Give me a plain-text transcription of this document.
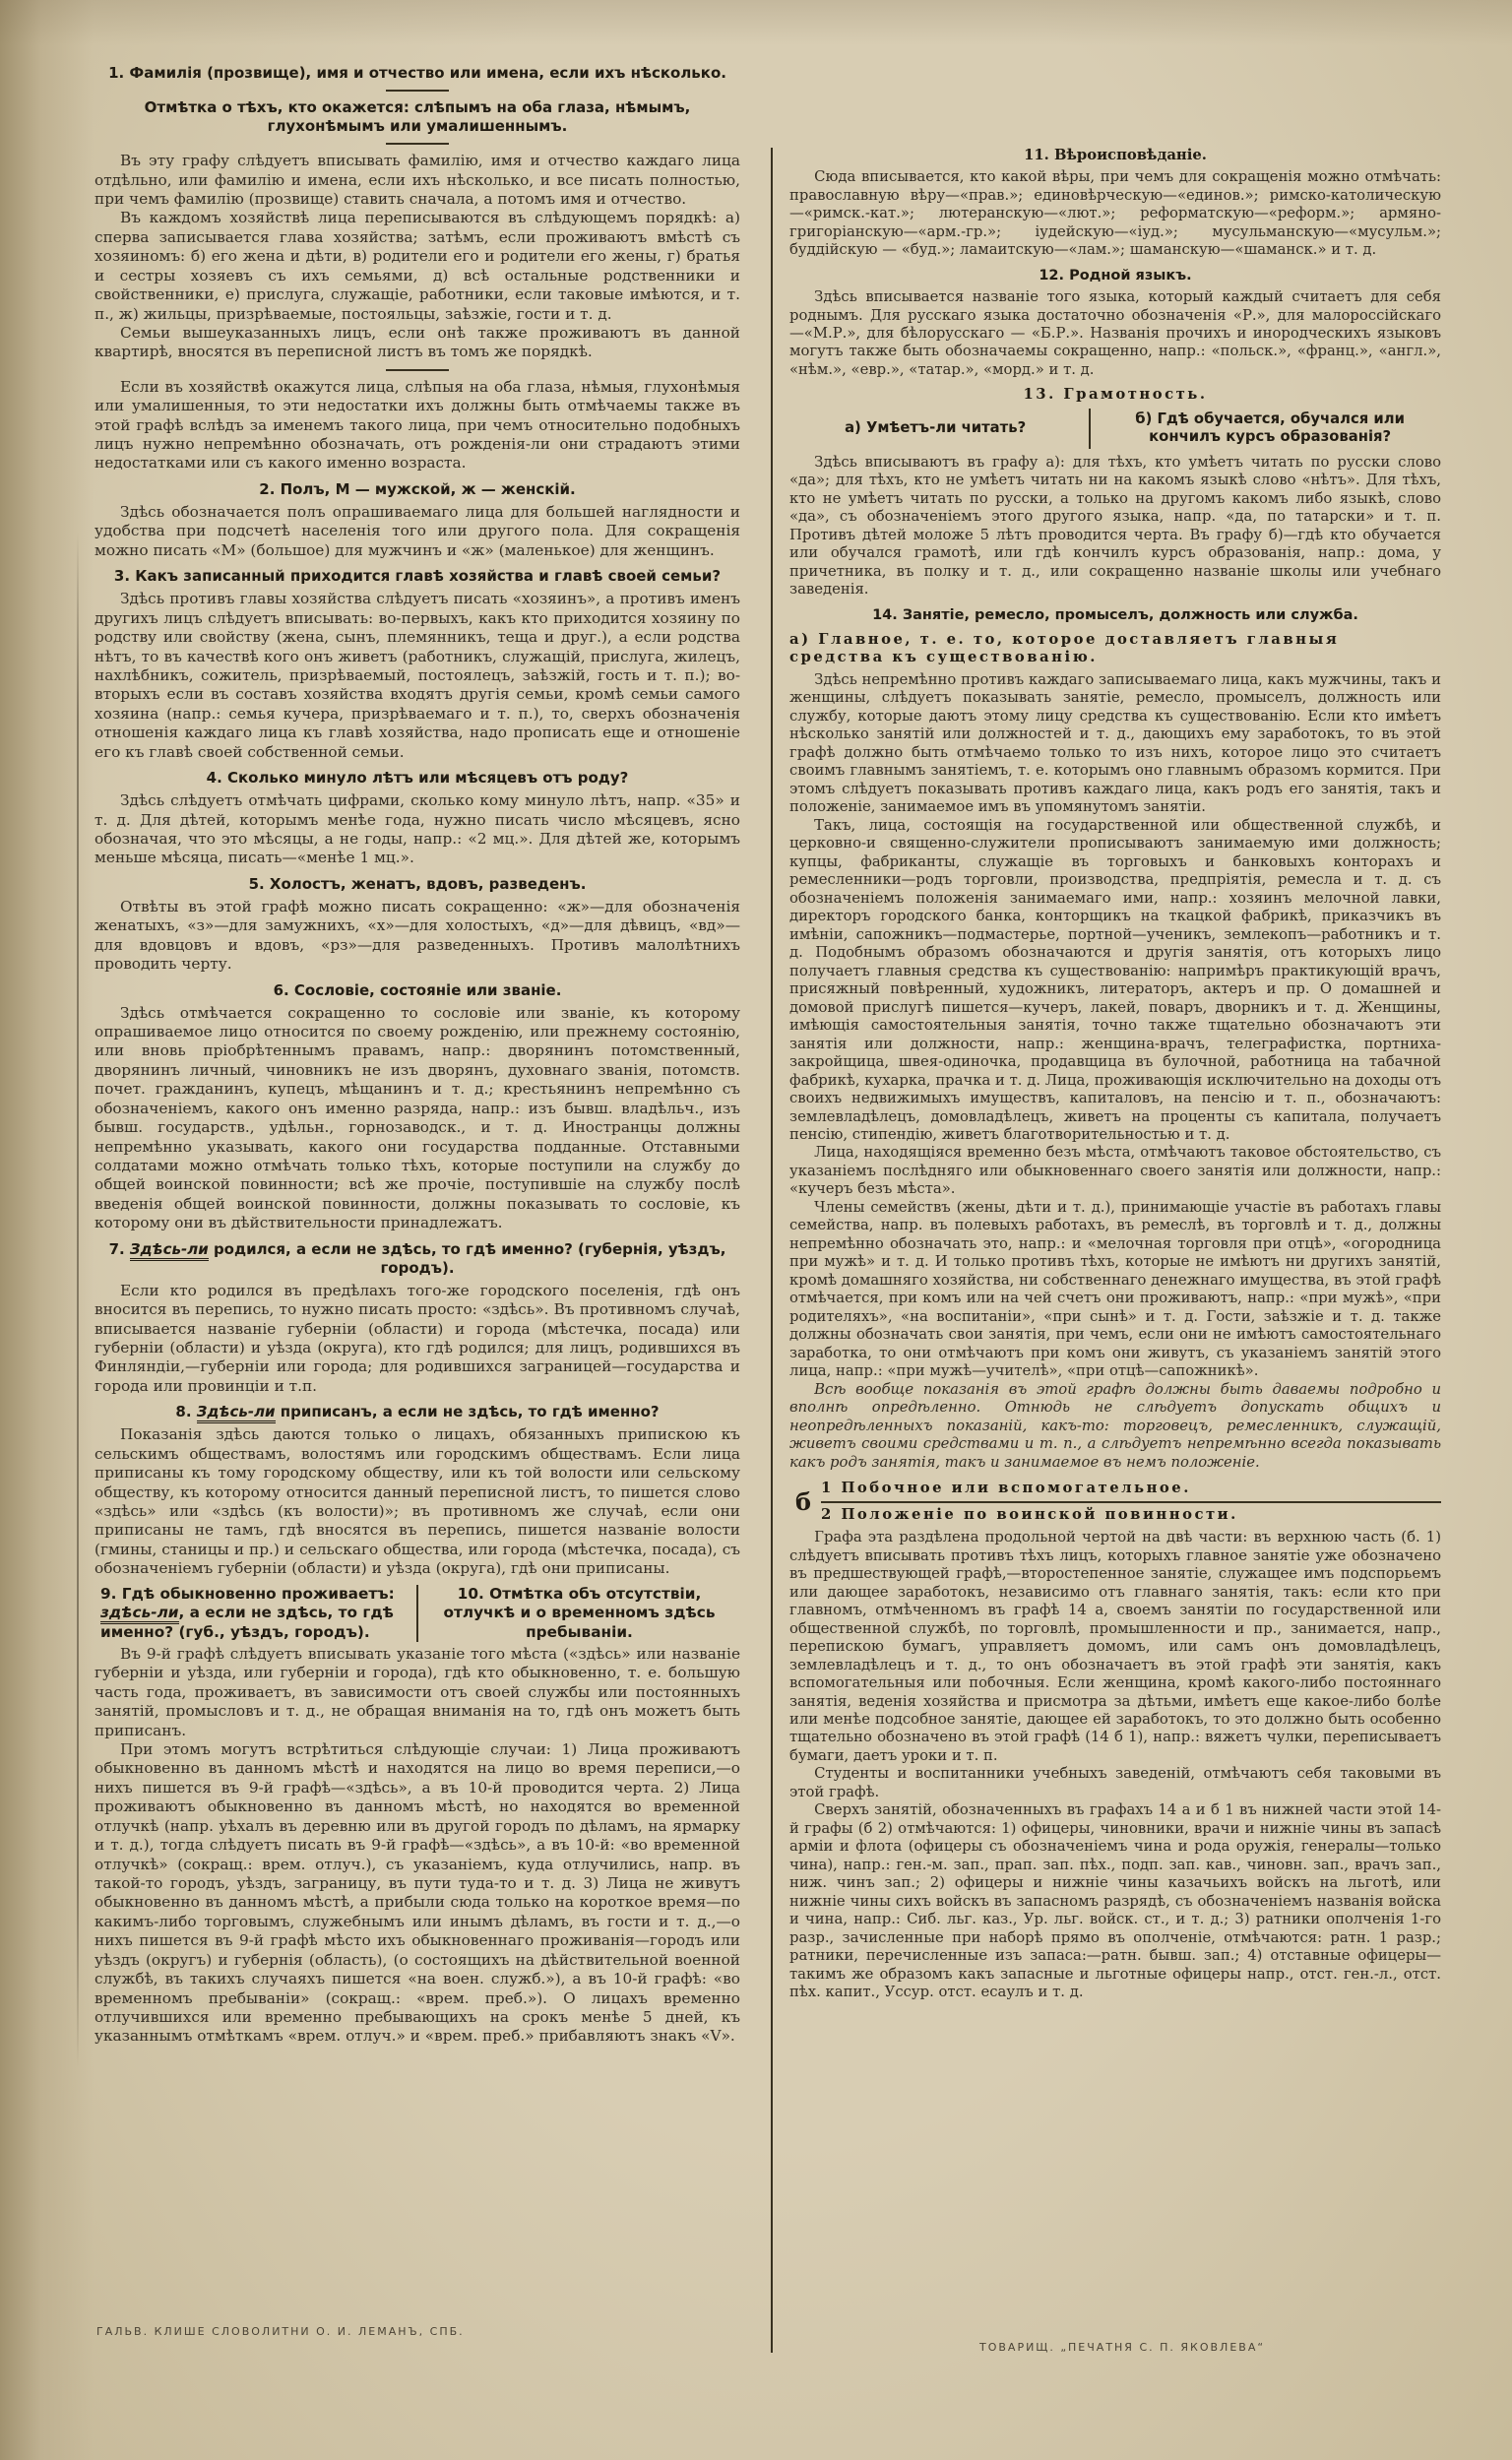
1. Фамилія (прозвище), имя и отчество или имена, если ихъ нѣсколько.
Отмѣтка о тѣхъ, кто окажется: слѣпымъ на оба глаза, нѣмымъ, глухонѣмымъ или умалишеннымъ.

Въ эту графу слѣдуетъ вписывать фамилію, имя и отчество каждаго лица отдѣльно, или фамилію и имена, если ихъ нѣсколько, и все писать полностью, при чемъ фамилію (прозвище) ставить сначала, а потомъ имя и отчество.

Въ каждомъ хозяйствѣ лица переписываются въ слѣдующемъ порядкѣ: а) сперва записывается глава хозяйства; затѣмъ, если проживаютъ вмѣстѣ съ хозяиномъ: б) его жена и дѣти, в) родители его и родители его жены, г) братья и сестры хозяевъ съ ихъ семьями, д) всѣ остальные родственники и свойственники, е) прислуга, служащіе, работники, если таковые имѣются, и т. п., ж) жильцы, призрѣваемые, постояльцы, заѣзжіе, гости и т. д.

Семьи вышеуказанныхъ лицъ, если онѣ также проживаютъ въ данной квартирѣ, вносятся въ переписной листъ въ томъ же порядкѣ.

Если въ хозяйствѣ окажутся лица, слѣпыя на оба глаза, нѣмыя, глухонѣмыя или умалишенныя, то эти недостатки ихъ должны быть отмѣчаемы также въ этой графѣ вслѣдъ за именемъ такого лица, при чемъ относительно подобныхъ лицъ нужно непремѣнно обозначать, отъ рожденія-ли они страдаютъ этими недостатками или съ какого именно возраста.

2. Полъ, М — мужской, ж — женскій.

Здѣсь обозначается полъ опрашиваемаго лица для большей наглядности и удобства при подсчетѣ населенія того или другого пола. Для сокращенія можно писать «М» (большое) для мужчинъ и «ж» (маленькое) для женщинъ.

3. Какъ записанный приходится главѣ хозяйства и главѣ своей семьи?

Здѣсь противъ главы хозяйства слѣдуетъ писать «хозяинъ», а противъ именъ другихъ лицъ слѣдуетъ вписывать: во-первыхъ, какъ кто приходится хозяину по родству или свойству (жена, сынъ, племянникъ, теща и друг.), а если родства нѣтъ, то въ качествѣ кого онъ живетъ (работникъ, служащій, прислуга, жилецъ, нахлѣбникъ, сожитель, призрѣваемый, постоялецъ, заѣзжій, гость и т. п.); во-вторыхъ если въ составъ хозяйства входятъ другія семьи, кромѣ семьи самого хозяина (напр.: семья кучера, призрѣваемаго и т. п.), то, сверхъ обозначенія отношенія каждаго лица къ главѣ хозяйства, надо прописать еще и отношеніе его къ главѣ своей собственной семьи.

4. Сколько минуло лѣтъ или мѣсяцевъ отъ роду?

Здѣсь слѣдуетъ отмѣчать цифрами, сколько кому минуло лѣтъ, напр. «35» и т. д. Для дѣтей, которымъ менѣе года, нужно писать число мѣсяцевъ, ясно обозначая, что это мѣсяцы, а не годы, напр.: «2 мц.». Для дѣтей же, которымъ меньше мѣсяца, писать—«менѣе 1 мц.».

5. Холостъ, женатъ, вдовъ, разведенъ.

Отвѣты въ этой графѣ можно писать сокращенно: «ж»—для обозначенія женатыхъ, «з»—для замужнихъ, «х»—для холостыхъ, «д»—для дѣвицъ, «вд»—для вдовцовъ и вдовъ, «рз»—для разведенныхъ. Противъ малолѣтнихъ проводить черту.

6. Сословіе, состояніе или званіе.

Здѣсь отмѣчается сокращенно то сословіе или званіе, къ которому опрашиваемое лицо относится по своему рожденію, или прежнему состоянію, или вновь пріобрѣтеннымъ правамъ, напр.: дворянинъ потомственный, дворянинъ личный, чиновникъ не изъ дворянъ, духовнаго званія, потомств. почет. гражданинъ, купецъ, мѣщанинъ и т. д.; крестьянинъ непремѣнно съ обозначеніемъ, какого онъ именно разряда, напр.: изъ бывш. владѣльч., изъ бывш. государств., удѣльн., горнозаводск., и т. д. Иностранцы должны непремѣнно указывать, какого они государства подданные. Отставными солдатами можно отмѣчать только тѣхъ, которые поступили на службу до общей воинской повинности; всѣ же прочіе, поступившіе на службу послѣ введенія общей воинской повинности, должны показывать то сословіе, къ которому они въ дѣйствительности принадлежатъ.

7. Здѣсь-ли родился, а если не здѣсь, то гдѣ именно? (губернія, уѣздъ, городъ).

Если кто родился въ предѣлахъ того-же городского поселенія, гдѣ онъ вносится въ перепись, то нужно писать просто: «здѣсь». Въ противномъ случаѣ, вписывается названіе губерніи (области) и города (мѣстечка, посада) или губерніи (области) и уѣзда (округа), кто гдѣ родился; для лицъ, родившихся въ Финляндіи,—губерніи или города; для родившихся заграницей—государства и города или провинціи и т.п.

8. Здѣсь-ли приписанъ, а если не здѣсь, то гдѣ именно?

Показанія здѣсь даются только о лицахъ, обязанныхъ припискою къ сельскимъ обществамъ, волостямъ или городскимъ обществамъ. Если лица приписаны къ тому городскому обществу, или къ той волости или сельскому обществу, къ которому относится данный переписной листъ, то пишется слово «здѣсь» или «здѣсь (къ волости)»; въ противномъ же случаѣ, если они приписаны не тамъ, гдѣ вносятся въ перепись, пишется названіе волости (гмины, станицы и пр.) и сельскаго общества, или города (мѣстечка, посада), съ обозначеніемъ губерніи (области) и уѣзда (округа), гдѣ они приписаны.

9. Гдѣ обыкновенно проживаетъ: здѣсь-ли, а если не здѣсь, то гдѣ именно? (губ., уѣздъ, городъ).
10. Отмѣтка объ отсутствіи, отлучкѣ и о временномъ здѣсь пребываніи.

Въ 9-й графѣ слѣдуетъ вписывать указаніе того мѣста («здѣсь» или названіе губерніи и уѣзда, или губерніи и города), гдѣ кто обыкновенно, т. е. большую часть года, проживаетъ, въ зависимости отъ своей службы или постоянныхъ занятій, промысловъ и т. д., не обращая вниманія на то, гдѣ онъ можетъ быть приписанъ.

При этомъ могутъ встрѣтиться слѣдующіе случаи: 1) Лица проживаютъ обыкновенно въ данномъ мѣстѣ и находятся на лицо во время переписи,—о нихъ пишется въ 9-й графѣ—«здѣсь», а въ 10-й проводится черта. 2) Лица проживаютъ обыкновенно въ данномъ мѣстѣ, но находятся во временной отлучкѣ (напр. уѣхалъ въ деревню или въ другой городъ по дѣламъ, на ярмарку и т. д.), тогда слѣдуетъ писать въ 9-й графѣ—«здѣсь», а въ 10-й: «во временной отлучкѣ» (сокращ.: врем. отлуч.), съ указаніемъ, куда отлучились, напр. въ такой-то городъ, уѣздъ, заграницу, въ пути туда-то и т. д. 3) Лица не живутъ обыкновенно въ данномъ мѣстѣ, а прибыли сюда только на короткое время—по какимъ-либо торговымъ, служебнымъ или инымъ дѣламъ, въ гости и т. д.,—о нихъ пишется въ 9-й графѣ мѣсто ихъ обыкновеннаго проживанія—городъ или уѣздъ (округъ) и губернія (область), (о состоящихъ на дѣйствительной военной службѣ, въ такихъ случаяхъ пишется «на воен. служб.»), а въ 10-й графѣ: «во временномъ пребываніи» (сокращ.: «врем. преб.»). О лицахъ временно отлучившихся или временно пребывающихъ на срокъ менѣе 5 дней, къ указаннымъ отмѣткамъ «врем. отлуч.» и «врем. преб.» прибавляютъ знакъ «V».

11. Вѣроисповѣданіе.

Сюда вписывается, кто какой вѣры, при чемъ для сокращенія можно отмѣчать: православную вѣру—«прав.»; единовѣрческую—«единов.»; римско-католическую—«римск.-кат.»; лютеранскую—«лют.»; реформатскую—«реформ.»; армяно-григоріанскую—«арм.-гр.»; іудейскую—«іуд.»; мусульманскую—«мусульм.»; буддійскую — «буд.»; ламаитскую—«лам.»; шаманскую—«шаманск.» и т. д.

12. Родной языкъ.

Здѣсь вписывается названіе того языка, который каждый считаетъ для себя роднымъ. Для русскаго языка достаточно обозначенія «Р.», для малороссійскаго—«М.Р.», для бѣлорусскаго — «Б.Р.». Названія прочихъ и инородческихъ языковъ могутъ также быть обозначаемы сокращенно, напр.: «польск.», «франц.», «англ.», «нѣм.», «евр.», «татар.», «морд.» и т. д.

13. Грамотность.
а) Умѣетъ-ли читать?
б) Гдѣ обучается, обучался или кончилъ курсъ образованія?

Здѣсь вписываютъ въ графу а): для тѣхъ, кто умѣетъ читать по русски слово «да»; для тѣхъ, кто не умѣетъ читать ни на какомъ языкѣ слово «нѣтъ». Для тѣхъ, кто не умѣетъ читать по русски, а только на другомъ какомъ либо языкѣ, слово «да», съ обозначеніемъ этого другого языка, напр. «да, по татарски» и т. п. Противъ дѣтей моложе 5 лѣтъ проводится черта. Въ графу б)—гдѣ кто обучается или обучался грамотѣ, или гдѣ кончилъ курсъ образованія, напр.: дома, у причетника, въ полку и т. д., или сокращенно названіе школы или учебнаго заведенія.

14. Занятіе, ремесло, промыселъ, должность или служба.
а) Главное, т. е. то, которое доставляетъ главныя средства къ существованію.

Здѣсь непремѣнно противъ каждаго записываемаго лица, какъ мужчины, такъ и женщины, слѣдуетъ показывать занятіе, ремесло, промыселъ, должность или службу, которые даютъ этому лицу средства къ существованію. Если кто имѣетъ нѣсколько занятій или должностей и т. д., дающихъ ему заработокъ, то въ этой графѣ должно быть отмѣчаемо только то изъ нихъ, которое лицо это считаетъ своимъ главнымъ занятіемъ, т. е. которымъ оно главнымъ образомъ кормится. При этомъ слѣдуетъ показывать противъ каждаго лица, какъ родъ его занятія, такъ и положеніе, занимаемое имъ въ упомянутомъ занятіи.

Такъ, лица, состоящія на государственной или общественной службѣ, и церковно-и священно-служители прописываютъ занимаемую ими должность; купцы, фабриканты, служащіе въ торговыхъ и банковыхъ конторахъ и ремесленники—родъ торговли, производства, предпріятія, ремесла и т. д. съ обозначеніемъ положенія занимаемаго ими, напр.: хозяинъ мелочной лавки, директоръ городского банка, конторщикъ на ткацкой фабрикѣ, приказчикъ въ имѣніи, сапожникъ—подмастерье, портной—ученикъ, землекопъ—работникъ и т. д. Подобнымъ образомъ обозначаются и другія занятія, отъ которыхъ лицо получаетъ главныя средства къ существованію: напримѣръ практикующій врачъ, присяжный повѣренный, художникъ, литераторъ, актеръ и пр. О домашней и домовой прислугѣ пишется—кучеръ, лакей, поваръ, дворникъ и т. д. Женщины, имѣющія самостоятельныя занятія, точно также тщательно обозначаютъ эти занятія или должности, напр.: женщина-врачъ, телеграфистка, портниха-закройщица, швея-одиночка, продавщица въ булочной, работница на табачной фабрикѣ, кухарка, прачка и т. д. Лица, проживающія исключительно на доходы отъ своихъ недвижимыхъ имуществъ, капиталовъ, на пенсію и т. п., обозначаютъ: землевладѣлецъ, домовладѣлецъ, живетъ на проценты съ капитала, получаетъ пенсію, стипендію, живетъ благотворительностью и т. д.

Лица, находящіяся временно безъ мѣста, отмѣчаютъ таковое обстоятельство, съ указаніемъ послѣдняго или обыкновеннаго своего занятія или должности, напр.: «кучеръ безъ мѣста».

Члены семействъ (жены, дѣти и т. д.), принимающіе участіе въ работахъ главы семейства, напр. въ полевыхъ работахъ, въ ремеслѣ, въ торговлѣ и т. д., должны непремѣнно обозначать это, напр.: и «мелочная торговля при отцѣ», «огородница при мужѣ» и т. д. И только противъ тѣхъ, которые не имѣютъ ни другихъ занятій, кромѣ домашняго хозяйства, ни собственнаго денежнаго имущества, въ этой графѣ отмѣчается, при комъ или на чей счетъ они проживаютъ, напр.: «при мужѣ», «при родителяхъ», «на воспитаніи», «при сынѣ» и т. д. Гости, заѣзжіе и т. д. также должны обозначать свои занятія, при чемъ, если они не имѣютъ самостоятельнаго заработка, то они отмѣчаютъ при комъ они живутъ, съ указаніемъ занятій этого лица, напр.: «при мужѣ—учителѣ», «при отцѣ—сапожникѣ».

Всѣ вообще показанія въ этой графѣ должны быть даваемы подробно и вполнѣ опредѣленно. Отнюдь не слѣдуетъ допускать общихъ и неопредѣленныхъ показаній, какъ-то: торговецъ, ремесленникъ, служащій, живетъ своими средствами и т. п., а слѣдуетъ непремѣнно всегда показывать какъ родъ занятія, такъ и занимаемое въ немъ положеніе.

б 1 Побочное или вспомогательное.
2 Положеніе по воинской повинности.

Графа эта раздѣлена продольной чертой на двѣ части: въ верхнюю часть (б. 1) слѣдуетъ вписывать противъ тѣхъ лицъ, которыхъ главное занятіе уже обозначено въ предшествующей графѣ,—второстепенное занятіе, служащее имъ подспорьемъ или дающее заработокъ, независимо отъ главнаго занятія, такъ: если кто при главномъ, отмѣченномъ въ графѣ 14 а, своемъ занятіи по государственной или общественной службѣ, по торговлѣ, промышленности и пр., занимается, напр., перепискою бумагъ, управляетъ домомъ, или самъ онъ домовладѣлецъ, землевладѣлецъ и т. д., то онъ обозначаетъ въ этой графѣ эти занятія, какъ вспомогательныя или побочныя. Если женщина, кромѣ какого-либо постояннаго занятія, веденія хозяйства и присмотра за дѣтьми, имѣетъ еще какое-либо болѣе или менѣе подсобное занятіе, дающее ей заработокъ, то это должно быть особенно тщательно обозначено въ этой графѣ (14 б 1), напр.: вяжетъ чулки, переписываетъ бумаги, даетъ уроки и т. п.

Студенты и воспитанники учебныхъ заведеній, отмѣчаютъ себя таковыми въ этой графѣ.

Сверхъ занятій, обозначенныхъ въ графахъ 14 а и б 1 въ нижней части этой 14-й графы (б 2) отмѣчаются: 1) офицеры, чиновники, врачи и нижніе чины въ запасѣ арміи и флота (офицеры съ обозначеніемъ чина и рода оружія, генералы—только чина), напр.: ген.-м. зап., прап. зап. пѣх., подп. зап. кав., чиновн. зап., врачъ зап., ниж. чинъ зап.; 2) офицеры и нижніе чины казачьихъ войскъ на льготѣ, или нижніе чины сихъ войскъ въ запасномъ разрядѣ, съ обозначеніемъ названія войска и чина, напр.: Сиб. льг. каз., Ур. льг. войск. ст., и т. д.; 3) ратники ополченія 1-го разр., зачисленные при наборѣ прямо въ ополченіе, отмѣчаются: ратн. 1 разр.; ратники, перечисленные изъ запаса:—ратн. бывш. зап.; 4) отставные офицеры—такимъ же образомъ какъ запасные и льготные офицеры напр., отст. ген.-л., отст. пѣх. капит., Уссур. отст. есаулъ и т. д.

ГАЛЬВ. КЛИШЕ СЛОВОЛИТНИ О. И. ЛЕМАНЪ, СПБ.
ТОВАРИЩ. „ПЕЧАТНЯ С. П. ЯКОВЛЕВА“
